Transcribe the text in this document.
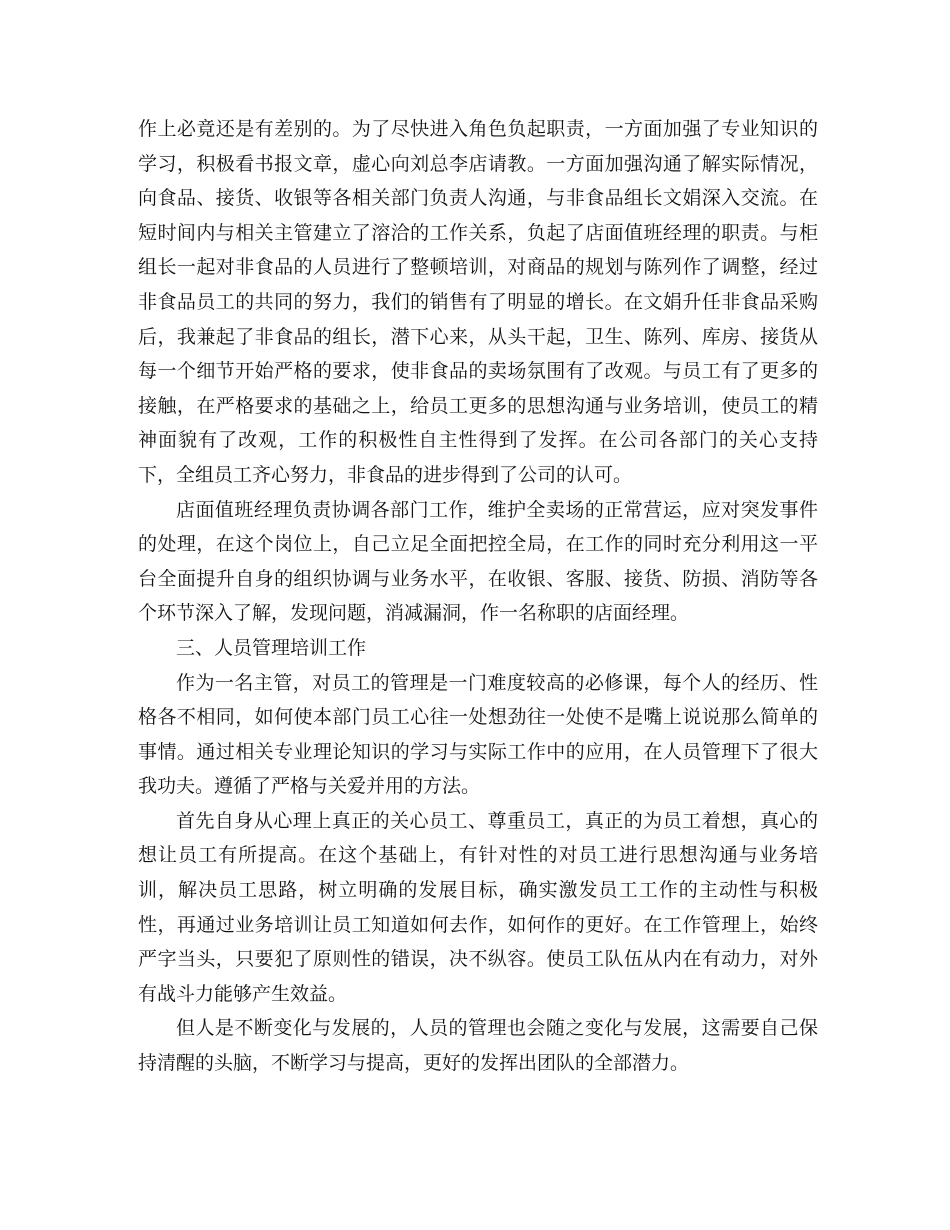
作上必竟还是有差别的。为了尽快进入角色负起职责，一方面加强了专业知识的学习，积极看书报文章，虚心向刘总李店请教。一方面加强沟通了解实际情况，向食品、接货、收银等各相关部门负责人沟通，与非食品组长文娟深入交流。在短时间内与相关主管建立了溶洽的工作关系，负起了店面值班经理的职责。与柜组长一起对非食品的人员进行了整顿培训，对商品的规划与陈列作了调整，经过非食品员工的共同的努力，我们的销售有了明显的增长。在文娟升任非食品采购后，我兼起了非食品的组长，潜下心来，从头干起，卫生、陈列、库房、接货从每一个细节开始严格的要求，使非食品的卖场氛围有了改观。与员工有了更多的接触，在严格要求的基础之上，给员工更多的思想沟通与业务培训，使员工的精神面貌有了改观，工作的积极性自主性得到了发挥。在公司各部门的关心支持下，全组员工齐心努力，非食品的进步得到了公司的认可。

店面值班经理负责协调各部门工作，维护全卖场的正常营运，应对突发事件的处理，在这个岗位上，自己立足全面把控全局，在工作的同时充分利用这一平台全面提升自身的组织协调与业务水平，在收银、客服、接货、防损、消防等各个环节深入了解，发现问题，消减漏洞，作一名称职的店面经理。

三、人员管理培训工作

作为一名主管，对员工的管理是一门难度较高的必修课，每个人的经历、性格各不相同，如何使本部门员工心往一处想劲往一处使不是嘴上说说那么简单的事情。通过相关专业理论知识的学习与实际工作中的应用，在人员管理下了很大我功夫。遵循了严格与关爱并用的方法。

首先自身从心理上真正的关心员工、尊重员工，真正的为员工着想，真心的想让员工有所提高。在这个基础上，有针对性的对员工进行思想沟通与业务培训，解决员工思路，树立明确的发展目标，确实激发员工工作的主动性与积极性，再通过业务培训让员工知道如何去作，如何作的更好。在工作管理上，始终严字当头，只要犯了原则性的错误，决不纵容。使员工队伍从内在有动力，对外有战斗力能够产生效益。

但人是不断变化与发展的，人员的管理也会随之变化与发展，这需要自己保持清醒的头脑，不断学习与提高，更好的发挥出团队的全部潜力。
